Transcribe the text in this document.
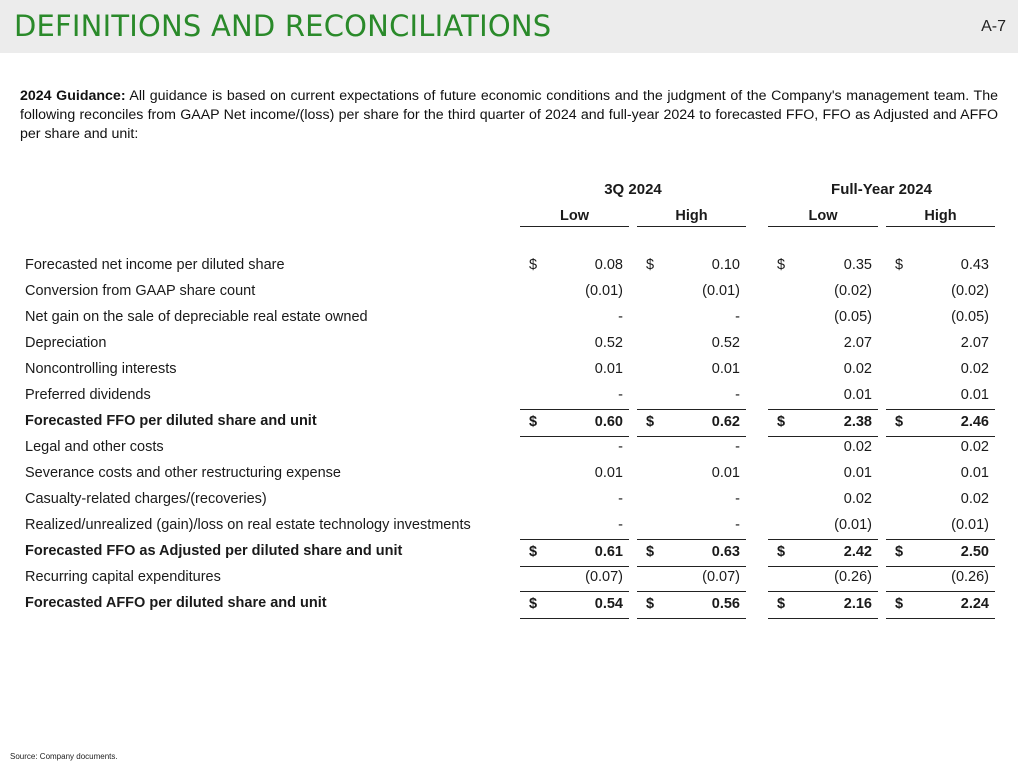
DEFINITIONS AND RECONCILIATIONS	A-7
2024 Guidance: All guidance is based on current expectations of future economic conditions and the judgment of the Company's management team. The following reconciles from GAAP Net income/(loss) per share for the third quarter of 2024 and full-year 2024 to forecasted FFO, FFO as Adjusted and AFFO per share and unit:
3Q 2024	Full-Year 2024
Low	High	Low	High
Forecasted net income per diluted share	$	0.08 $	0.10	$	0.35 $	0.43
Conversion from GAAP share count	(0.01)	(0.01)	(0.02)	(0.02)
Net gain on the sale of depreciable real estate owned	-	-	(0.05)	(0.05)
Depreciation	0.52	0.52	2.07	2.07
Noncontrolling interests	0.01	0.01	0.02	0.02
Preferred dividends	-	-	0.01	0.01
Forecasted FFO per diluted share and unit	$	0.60 $	0.62	$	2.38 $	2.46
Legal and other costs	-	-	0.02	0.02
Severance costs and other restructuring expense	0.01	0.01	0.01	0.01
Casualty-related charges/(recoveries)	-	-	0.02	0.02
Realized/unrealized (gain)/loss on real estate technology investments	-	-	(0.01)	(0.01)
Forecasted FFO as Adjusted per diluted share and unit	$	0.61 $	0.63	$	2.42 $	2.50
Recurring capital expenditures	(0.07)	(0.07)	(0.26)	(0.26)
Forecasted AFFO per diluted share and unit	$	0.54 $	0.56	$	2.16 $	2.24
Source: Company documents.
